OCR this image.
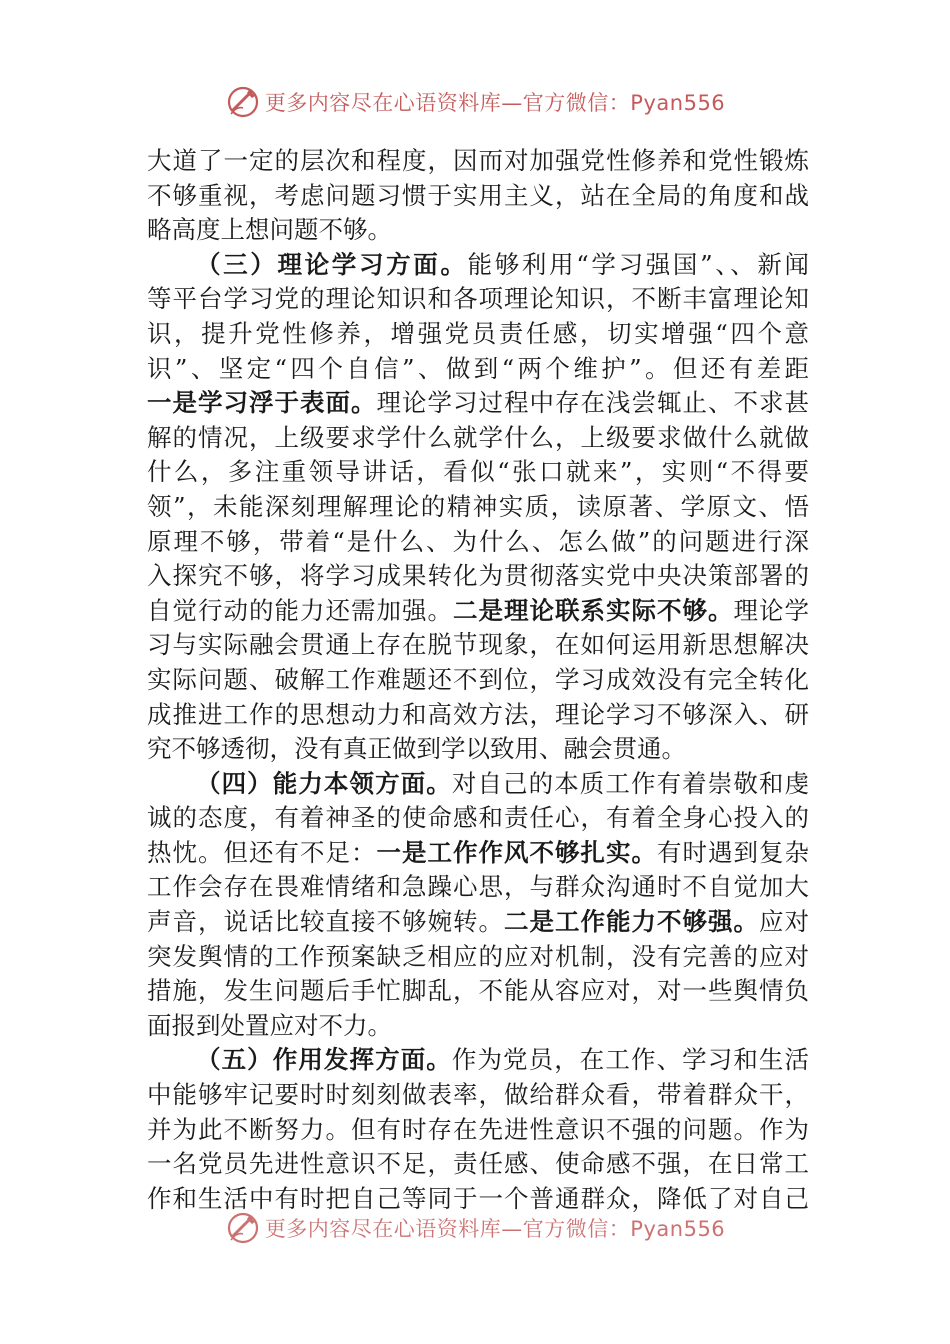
更多内容尽在心语资料库—官方微信：Pyan556
大道了一定的层次和程度，因而对加强党性修养和党性锻炼
不够重视，考虑问题习惯于实用主义，站在全局的角度和战
略高度上想问题不够。
（三）理论学习方面。能够利用“学习强国”、、新闻
等平台学习党的理论知识和各项理论知识，不断丰富理论知
识，提升党性修养，增强党员责任感，切实增强“四个意
识”、坚定“四个自信”、做到“两个维护”。但还有差距
一是学习浮于表面。理论学习过程中存在浅尝辄止、不求甚
解的情况，上级要求学什么就学什么，上级要求做什么就做
什么，多注重领导讲话，看似“张口就来”，实则“不得要
领”，未能深刻理解理论的精神实质，读原著、学原文、悟
原理不够，带着“是什么、为什么、怎么做”的问题进行深
入探究不够，将学习成果转化为贯彻落实党中央决策部署的
自觉行动的能力还需加强。二是理论联系实际不够。理论学
习与实际融会贯通上存在脱节现象，在如何运用新思想解决
实际问题、破解工作难题还不到位，学习成效没有完全转化
成推进工作的思想动力和高效方法，理论学习不够深入、研
究不够透彻，没有真正做到学以致用、融会贯通。
（四）能力本领方面。对自己的本质工作有着崇敬和虔
诚的态度，有着神圣的使命感和责任心，有着全身心投入的
热忱。但还有不足：一是工作作风不够扎实。有时遇到复杂
工作会存在畏难情绪和急躁心思，与群众沟通时不自觉加大
声音，说话比较直接不够婉转。二是工作能力不够强。应对
突发舆情的工作预案缺乏相应的应对机制，没有完善的应对
措施，发生问题后手忙脚乱，不能从容应对，对一些舆情负
面报到处置应对不力。
（五）作用发挥方面。作为党员，在工作、学习和生活
中能够牢记要时时刻刻做表率，做给群众看，带着群众干，
并为此不断努力。但有时存在先进性意识不强的问题。作为
一名党员先进性意识不足，责任感、使命感不强，在日常工
作和生活中有时把自己等同于一个普通群众，降低了对自己
更多内容尽在心语资料库—官方微信：Pyan556
